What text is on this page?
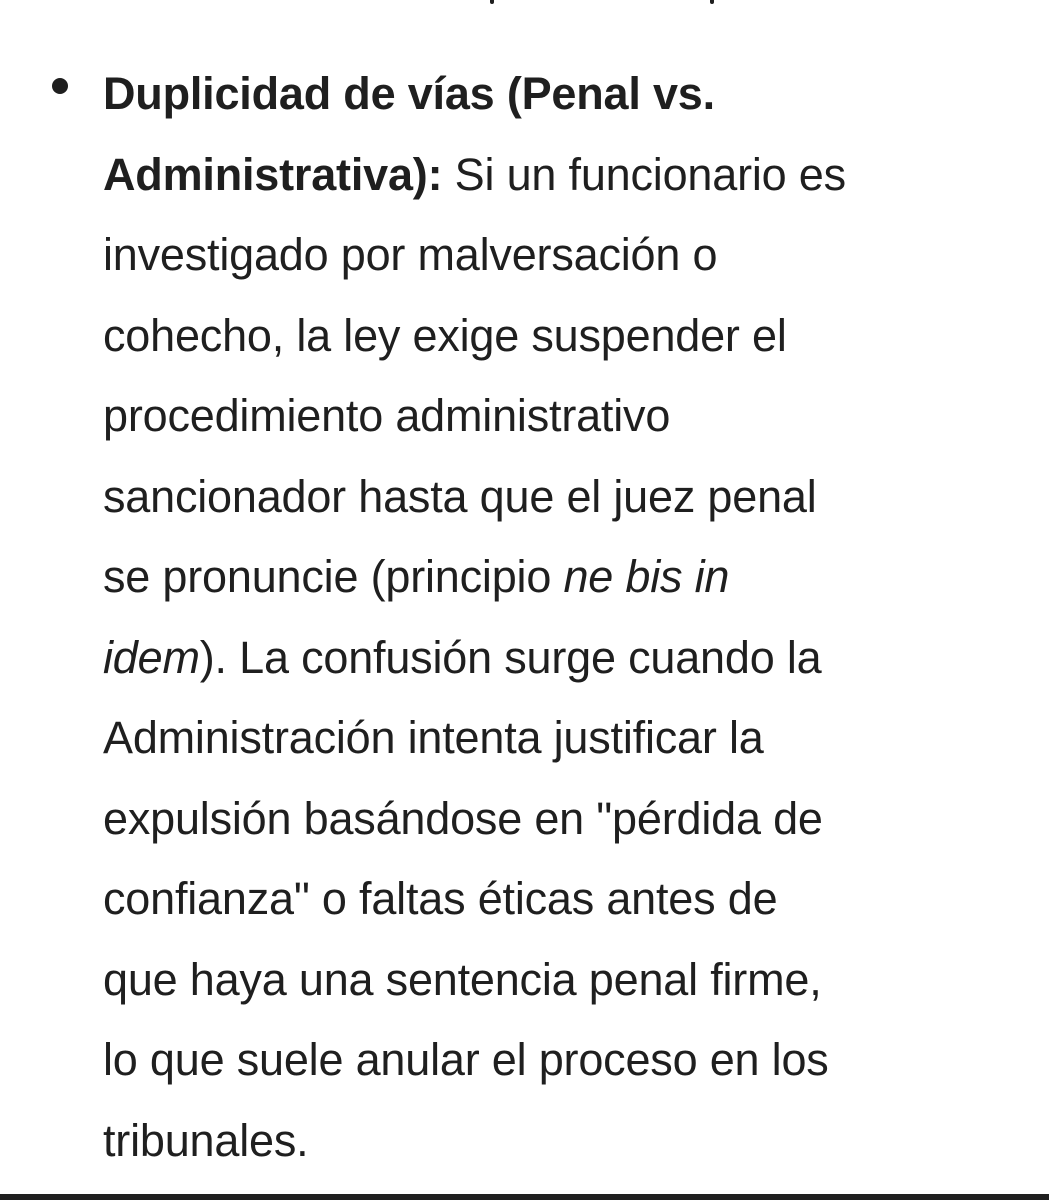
Duplicidad de vías (Penal vs.
Administrativa): Si un funcionario es
investigado por malversación o
cohecho, la ley exige suspender el
procedimiento administrativo
sancionador hasta que el juez penal
se pronuncie (principio ne bis in
idem). La confusión surge cuando la
Administración intenta justificar la
expulsión basándose en "pérdida de
confianza" o faltas éticas antes de
que haya una sentencia penal firme,
lo que suele anular el proceso en los
tribunales.
